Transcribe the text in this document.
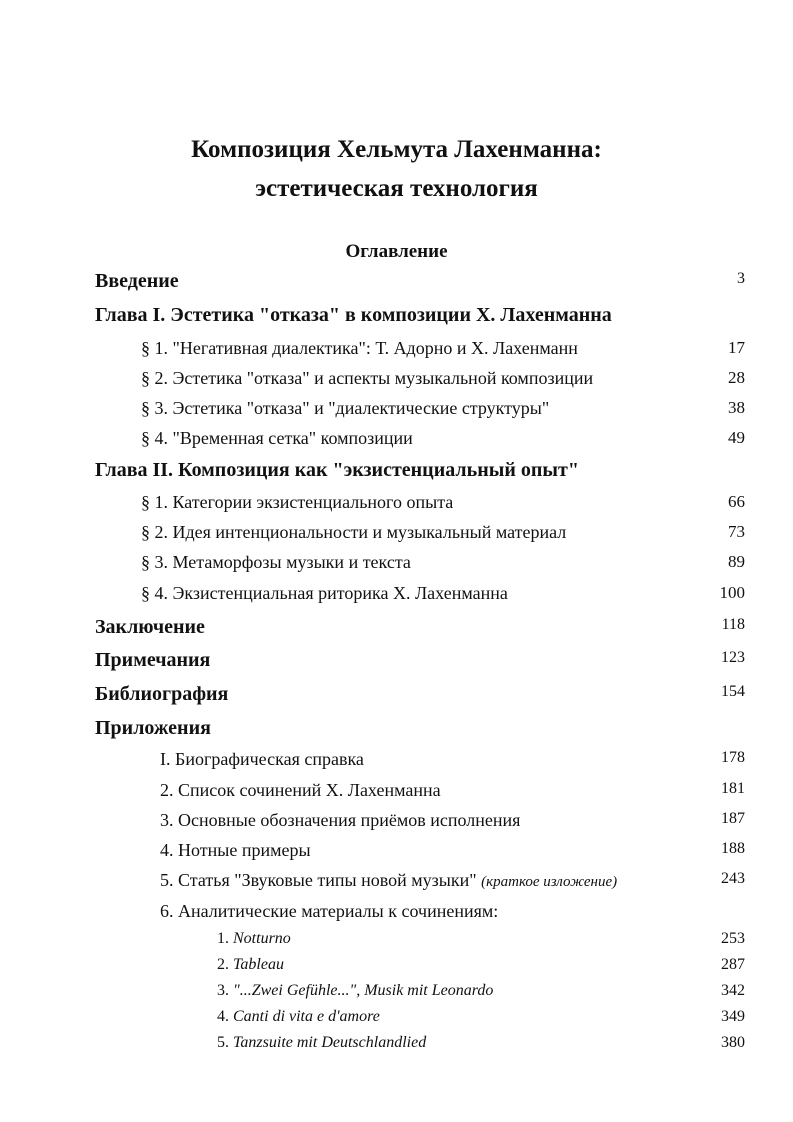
Композиция Хельмута Лахенманна:
эстетическая технология
Оглавление
Введение	3
Глава I. Эстетика "отказа" в композиции Х. Лахенманна
§ 1. "Негативная диалектика": Т. Адорно и Х. Лахенманн	17
§ 2. Эстетика "отказа" и аспекты музыкальной композиции	28
§ 3. Эстетика "отказа" и "диалектические структуры"	38
§ 4. "Временная сетка" композиции	49
Глава II. Композиция как "экзистенциальный опыт"
§ 1. Категории экзистенциального опыта	66
§ 2. Идея интенциональности и музыкальный материал	73
§ 3. Метаморфозы музыки и текста	89
§ 4. Экзистенциальная риторика Х. Лахенманна	100
Заключение	118
Примечания	123
Библиография	154
Приложения
I. Биографическая справка	178
2. Список сочинений Х. Лахенманна	181
3. Основные обозначения приёмов исполнения	187
4. Нотные примеры	188
5. Статья "Звуковые типы новой музыки" (краткое изложение)	243
6. Аналитические материалы к сочинениям:
1. Notturno	253
2. Tableau	287
3. "...Zwei Gefühle...", Musik mit Leonardo	342
4. Canti di vita e d'amore	349
5. Tanzsuite mit Deutschlandlied	380
